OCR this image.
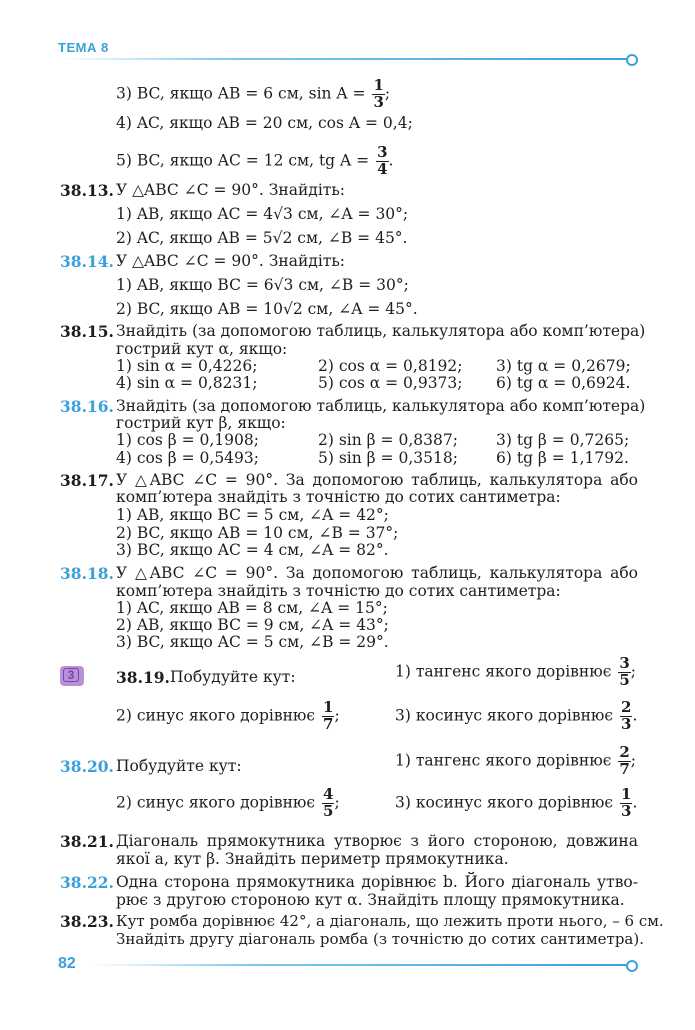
ТЕМА 8
3) BC, якщо AB = 6 см, $\sin A = \frac{1}{3}$ ;
4) AC, якщо AB = 20 см, cos A = 0,4;
5) BC, якщо AC = 12 см, tg $A = \frac{3}{4}$ .
38.13. У △ABC ∠C = 90°. Знайдіть:
1) AB, якщо AC = 4√3 см, ∠A = 30°;
2) AC, якщо AB = 5√2 см, ∠B = 45°.
38.14. У △ABC ∠C = 90°. Знайдіть:
1) AB, якщо BC = 6√3 см, ∠B = 30°;
2) BC, якщо AB = 10√2 см, ∠A = 45°.
38.15. Знайдіть (за допомогою таблиць, калькулятора або комп’ютера)
гострий кут α, якщо:
1) sin α = 0,4226;	2) cos α = 0,8192; 3) tg α = 0,2679;
4) sin α = 0,8231;	5) cos α = 0,9373; 6) tg α = 0,6924.
38.16. Знайдіть (за допомогою таблиць, калькулятора або комп’ютера)
гострий кут β, якщо:
1) cos β = 0,1908;	2) sin β = 0,8387; 3) tg β = 0,7265;
4) cos β = 0,5493;	5) sin β = 0,3518; 6) tg β = 1,1792.
38.17. У △ABC ∠C = 90°. За допомогою таблиць, калькулятора або
комп’ютера знайдіть з точністю до сотих сантиметра:
1) AB, якщо BC = 5 см, ∠A = 42°;
2) BC, якщо AB = 10 см, ∠B = 37°;
3) BC, якщо AC = 4 см, ∠A = 82°.
38.18. У △ABC ∠C = 90°. За допомогою таблиць, калькулятора або
комп’ютера знайдіть з точністю до сотих сантиметра:
1) AC, якщо AB = 8 см, ∠A = 15°;
2) AB, якщо BC = 9 см, ∠A = 43°;
3) BC, якщо AC = 5 см, ∠B = 29°.
3	38.19. Побудуйте кут:	1) тангенс якого дорівнює $\frac{3}{5}$ ;
2) синус якого дорівнює $\frac{1}{7}$ ;	3) косинус якого дорівнює $\frac{2}{3}$ .
38.20. Побудуйте кут:	1) тангенс якого дорівнює $\frac{2}{7}$ ;
2) синус якого дорівнює $\frac{4}{5}$ ;	3) косинус якого дорівнює $\frac{1}{3}$ .
38.21. Діагональ прямокутника утворює з його стороною, довжина
якої a, кут β. Знайдіть периметр прямокутника.
38.22. Одна сторона прямокутника дорівнює b. Його діагональ утво-
рює з другою стороною кут α. Знайдіть площу прямокутника.
38.23. Кут ромба дорівнює 42°, а діагональ, що лежить проти нього, – 6 см.
Знайдіть другу діагональ ромба (з точністю до сотих сантиметра).
82
